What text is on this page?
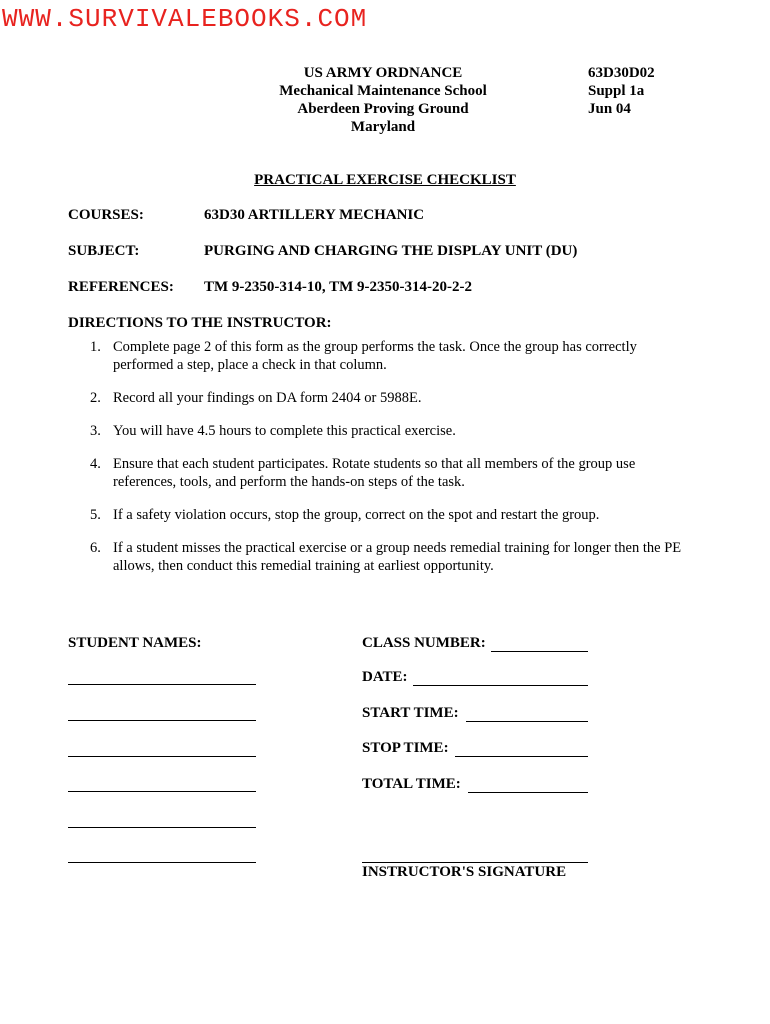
WWW.SURVIVALEBOOKS.COM
US ARMY ORDNANCE
Mechanical Maintenance School
Aberdeen Proving Ground
Maryland
63D30D02
Suppl 1a
Jun 04
PRACTICAL EXERCISE CHECKLIST
COURSES:	63D30 ARTILLERY MECHANIC
SUBJECT:	PURGING AND CHARGING THE DISPLAY UNIT (DU)
REFERENCES: TM 9-2350-314-10, TM 9-2350-314-20-2-2
DIRECTIONS TO THE INSTRUCTOR:
1. Complete page 2 of this form as the group performs the task. Once the group has correctly performed a step, place a check in that column.
2. Record all your findings on DA form 2404 or 5988E.
3. You will have 4.5 hours to complete this practical exercise.
4. Ensure that each student participates. Rotate students so that all members of the group use references, tools, and perform the hands-on steps of the task.
5. If a safety violation occurs, stop the group, correct on the spot and restart the group.
6. If a student misses the practical exercise or a group needs remedial training for longer then the PE allows, then conduct this remedial training at earliest opportunity.
STUDENT NAMES:	CLASS NUMBER:
DATE:
START TIME:
STOP TIME:
TOTAL TIME:
INSTRUCTOR'S SIGNATURE
